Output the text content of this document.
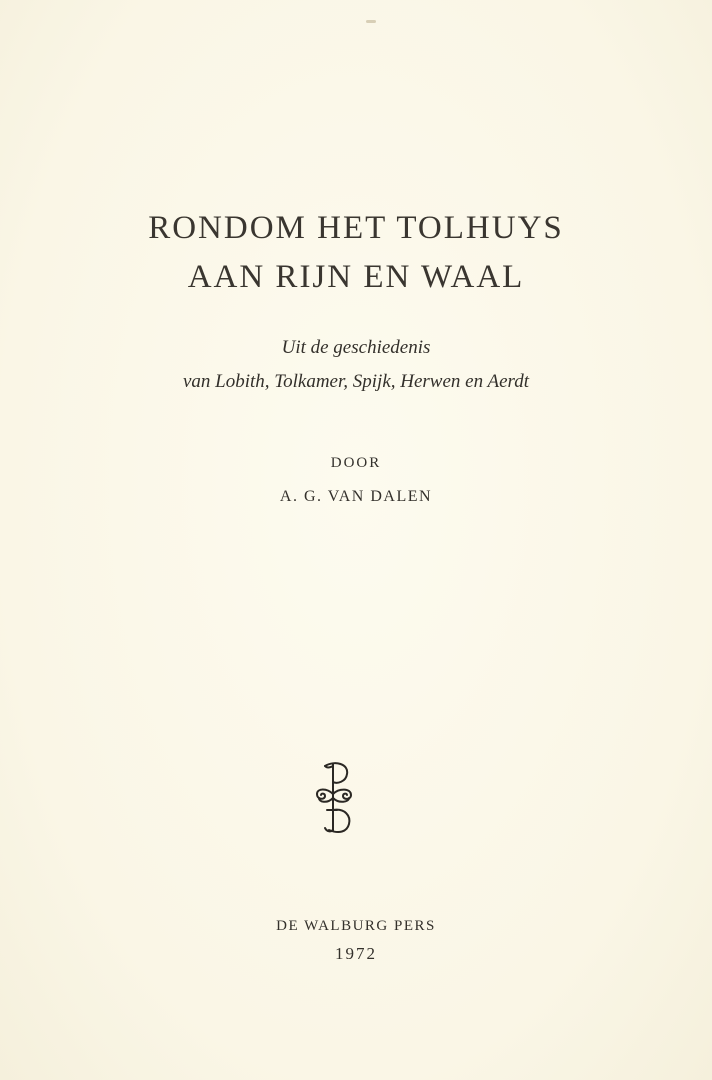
RONDOM HET TOLHUYS
AAN RIJN EN WAAL
Uit de geschiedenis
van Lobith, Tolkamer, Spijk, Herwen en Aerdt
DOOR
A. G. VAN DALEN
DE WALBURG PERS
1972
